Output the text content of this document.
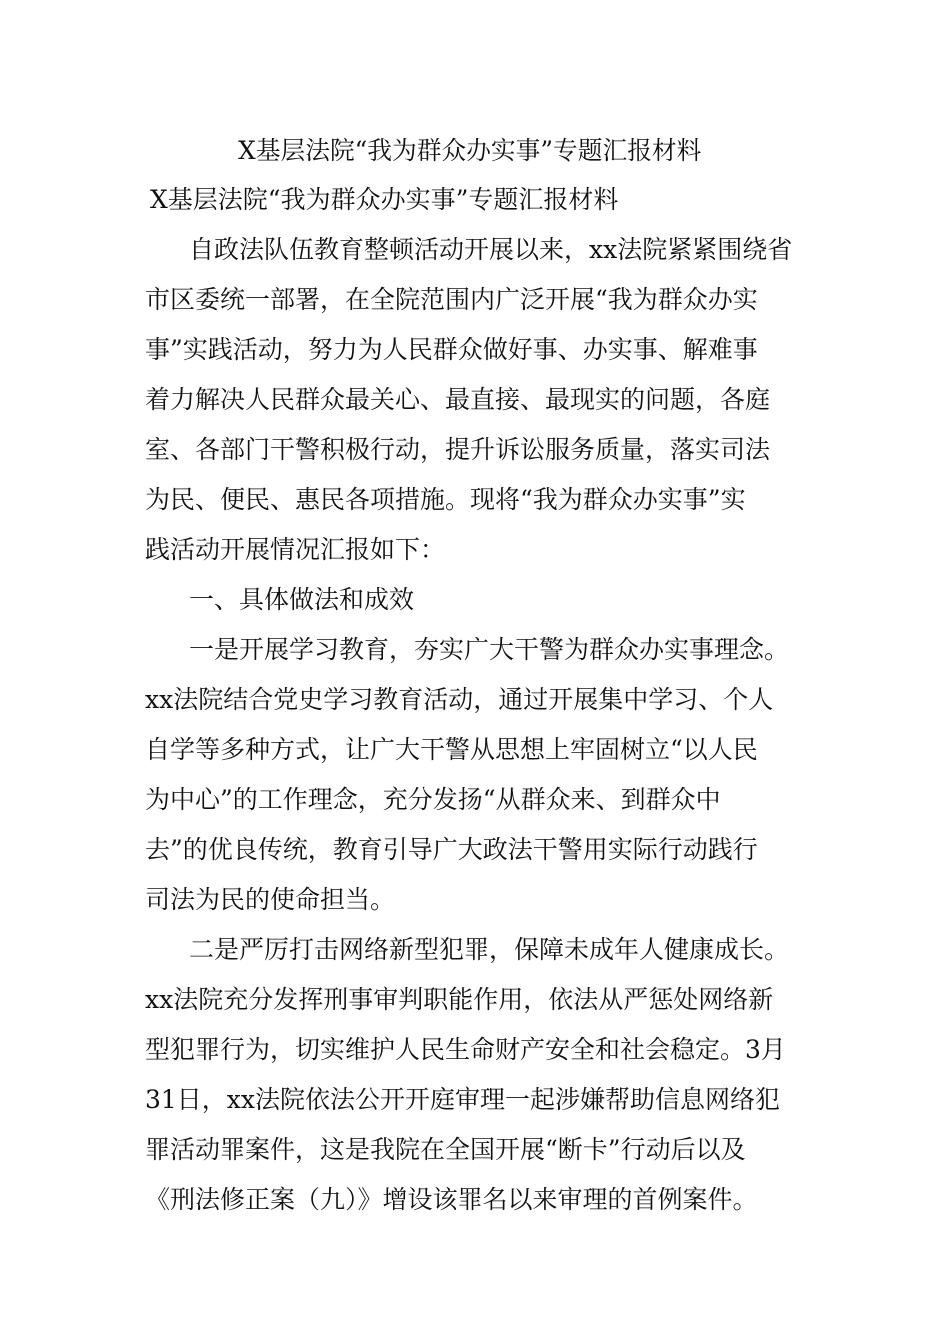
X基层法院“我为群众办实事”专题汇报材料
X基层法院“我为群众办实事”专题汇报材料
自政法队伍教育整顿活动开展以来，xx法院紧紧围绕省
市区委统一部署，在全院范围内广泛开展“我为群众办实
事”实践活动，努力为人民群众做好事、办实事、解难事
着力解决人民群众最关心、最直接、最现实的问题，各庭
室、各部门干警积极行动，提升诉讼服务质量，落实司法
为民、便民、惠民各项措施。现将“我为群众办实事”实
践活动开展情况汇报如下：
一、具体做法和成效
一是开展学习教育，夯实广大干警为群众办实事理念。
xx法院结合党史学习教育活动，通过开展集中学习、个人
自学等多种方式，让广大干警从思想上牢固树立“以人民
为中心”的工作理念，充分发扬“从群众来、到群众中
去”的优良传统，教育引导广大政法干警用实际行动践行
司法为民的使命担当。
二是严厉打击网络新型犯罪，保障未成年人健康成长。
xx法院充分发挥刑事审判职能作用，依法从严惩处网络新
型犯罪行为，切实维护人民生命财产安全和社会稳定。3月
31日，xx法院依法公开开庭审理一起涉嫌帮助信息网络犯
罪活动罪案件，这是我院在全国开展“断卡”行动后以及
《刑法修正案（九）》增设该罪名以来审理的首例案件。
